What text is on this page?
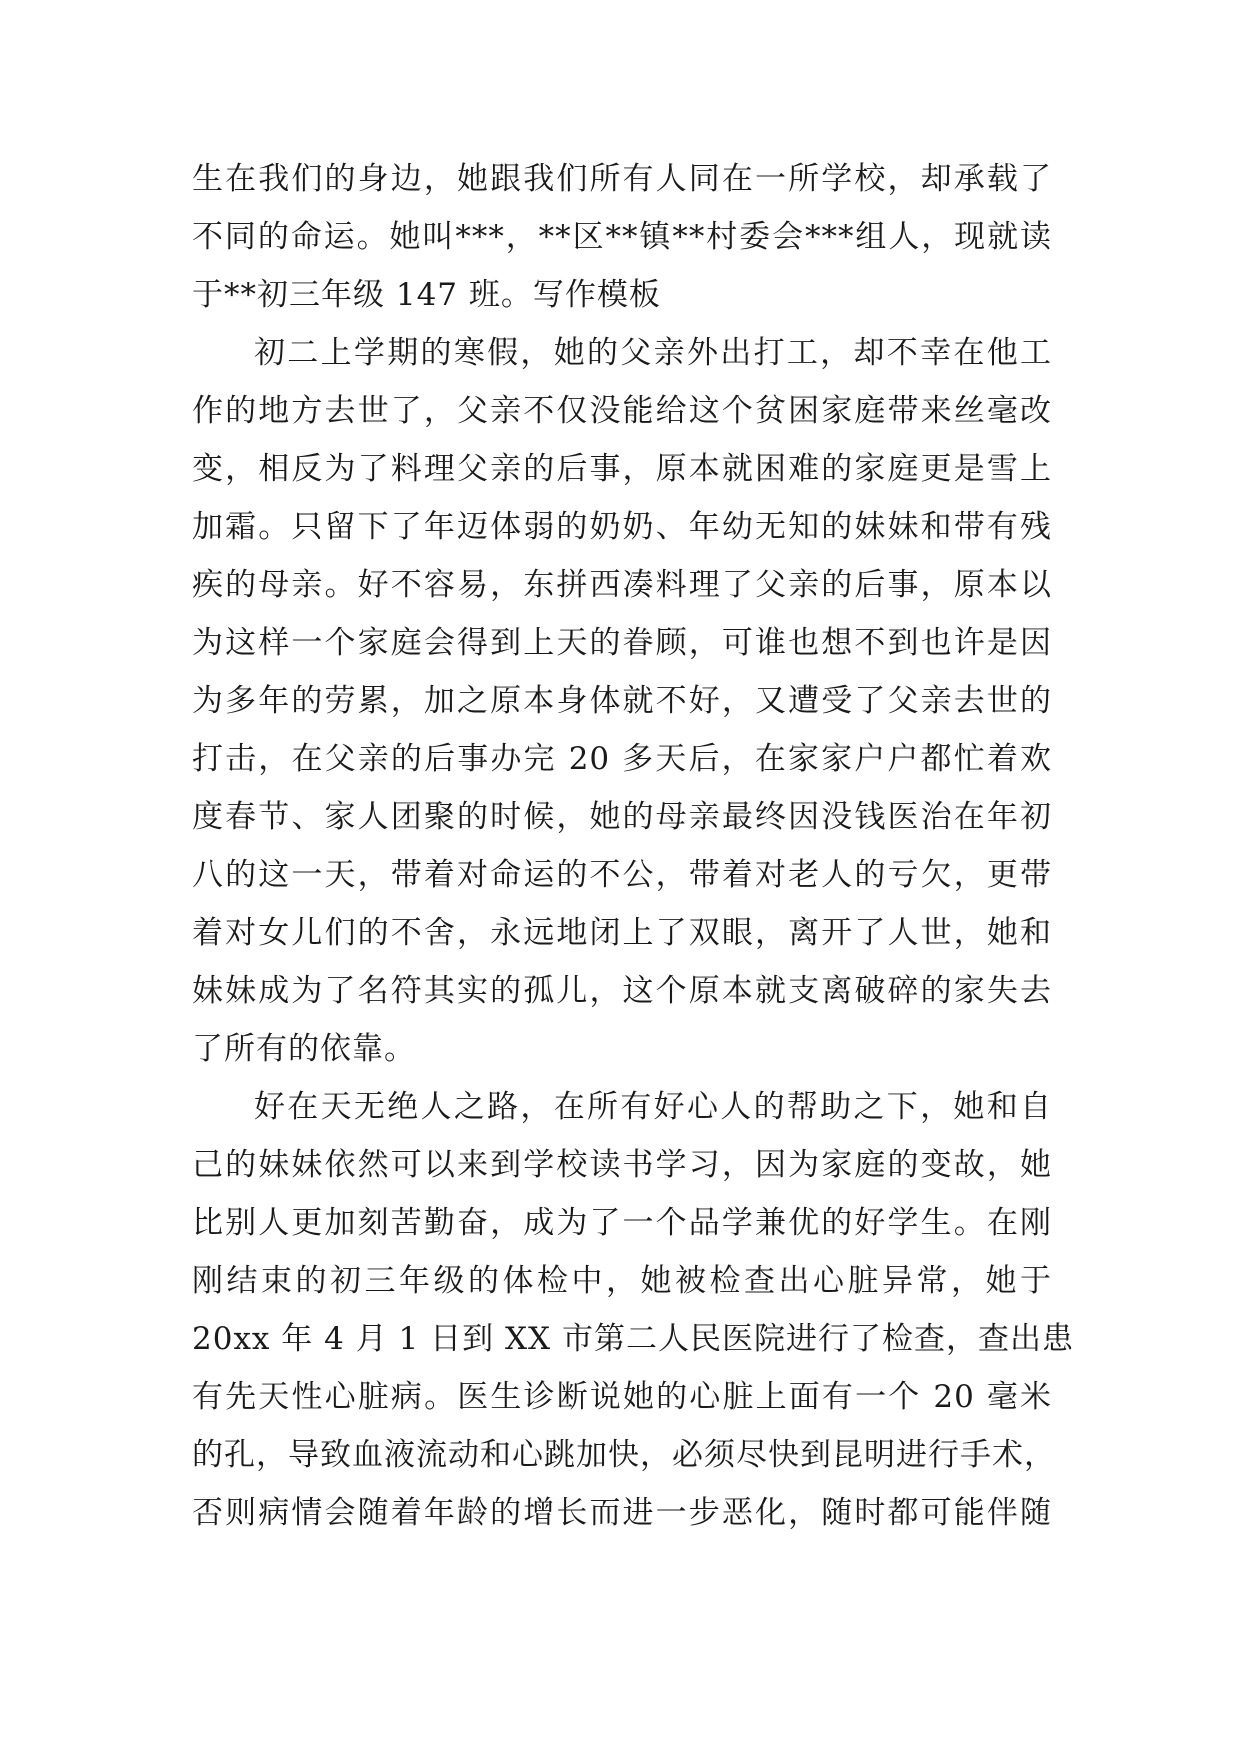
生在我们的身边，她跟我们所有人同在一所学校，却承载了
不同的命运。她叫***，**区**镇**村委会***组人，现就读
于**初三年级 147 班。写作模板
初二上学期的寒假，她的父亲外出打工，却不幸在他工
作的地方去世了，父亲不仅没能给这个贫困家庭带来丝毫改
变，相反为了料理父亲的后事，原本就困难的家庭更是雪上
加霜。只留下了年迈体弱的奶奶、年幼无知的妹妹和带有残
疾的母亲。好不容易，东拼西凑料理了父亲的后事，原本以
为这样一个家庭会得到上天的眷顾，可谁也想不到也许是因
为多年的劳累，加之原本身体就不好，又遭受了父亲去世的
打击，在父亲的后事办完 20 多天后，在家家户户都忙着欢
度春节、家人团聚的时候，她的母亲最终因没钱医治在年初
八的这一天，带着对命运的不公，带着对老人的亏欠，更带
着对女儿们的不舍，永远地闭上了双眼，离开了人世，她和
妹妹成为了名符其实的孤儿，这个原本就支离破碎的家失去
了所有的依靠。
好在天无绝人之路，在所有好心人的帮助之下，她和自
己的妹妹依然可以来到学校读书学习，因为家庭的变故，她
比别人更加刻苦勤奋，成为了一个品学兼优的好学生。在刚
刚结束的初三年级的体检中，她被检查出心脏异常，她于
20xx 年 4 月 1 日到 XX 市第二人民医院进行了检查，查出患
有先天性心脏病。医生诊断说她的心脏上面有一个 20 毫米
的孔，导致血液流动和心跳加快，必须尽快到昆明进行手术，
否则病情会随着年龄的增长而进一步恶化，随时都可能伴随
